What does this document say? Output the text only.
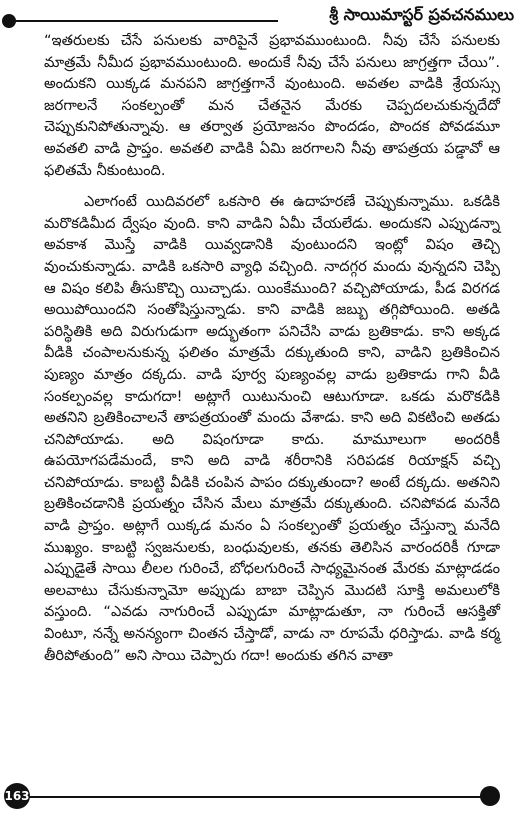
శ్రీ సాయిమాస్టర్ ప్రవచనములు

“ఇతరులకు చేసే పనులకు వారిపైనే ప్రభావముంటుంది. నీవు చేసే పనులకు మాత్రమే నీమీద ప్రభావముంటుంది. అందుకే నీవు చేసే పనులు జాగ్రత్తగా చేయి”. అందుకని యిక్కడ మనపని జాగ్రత్తగానే వుంటుంది. అవతల వాడికి శ్రేయస్సు జరగాలనే సంకల్పంతో మన చేతనైన మేరకు చెప్పదలచుకున్నదేదో చెప్పుకునిపోతున్నావు. ఆ తర్వాత ప్రయోజనం పొందడం, పొందక పోవడమూ అవతలి వాడి ప్రాప్తం. అవతలి వాడికి ఏమి జరగాలని నీవు తాపత్రయ పడ్డావో ఆ ఫలితమే నీకుంటుంది.

ఎలాగంటే యిదివరలో ఒకసారి ఈ ఉదాహరణే చెప్పుకున్నాము. ఒకడికి మరొకడిమీద ద్వేషం వుంది. కాని వాడిని ఏమీ చేయలేడు. అందుకని ఎప్పుడన్నా అవకాశ మొస్తే వాడికి యివ్వడానికి వుంటుందని ఇంట్లో విషం తెచ్చి వుంచుకున్నాడు. వాడికి ఒకసారి వ్యాధి వచ్చింది. నాదగ్గర మందు వున్నదని చెప్పి ఆ విషం కలిపి తీసుకొచ్చి యిచ్చాడు. యింకేముంది? వచ్చిపోయాడు, పీడ విరగడ అయిపోయిందని సంతోషిస్తున్నాడు. కాని వాడికి జబ్బు తగ్గిపోయింది. అతడి పరిస్థితికి అది విరుగుడుగా అద్భుతంగా పనిచేసి వాడు బ్రతికాడు. కాని అక్కడ వీడికి చంపాలనుకున్న ఫలితం మాత్రమే దక్కుతుంది కాని, వాడిని బ్రతికించిన పుణ్యం మాత్రం దక్కదు. వాడి పూర్వ పుణ్యంవల్ల వాడు బ్రతికాడు గాని వీడి సంకల్పంవల్ల కాదుగదా! అట్లాగే యిటునుంచి ఆటుగూడా. ఒకడు మరొకడికి అతనిని బ్రతికించాలనే తాపత్రయంతో మందు వేశాడు. కాని అది వికటించి అతడు చనిపోయాడు. అది విషంగూడా కాదు. మామూలుగా అందరికీ ఉపయోగపడేమందే, కాని అది వాడి శరీరానికి సరిపడక రియాక్షన్ వచ్చి చనిపోయాడు. కాబట్టి వీడికి చంపిన పాపం దక్కుతుందా? అంటే దక్కదు. అతనిని బ్రతికించడానికి ప్రయత్నం చేసిన మేలు మాత్రమే దక్కుతుంది. చనిపోవడ మనేది వాడి ప్రాప్తం. అట్లాగే యిక్కడ మనం ఏ సంకల్పంతో ప్రయత్నం చేస్తున్నా మనేది ముఖ్యం. కాబట్టి స్వజనులకు, బంధువులకు, తనకు తెలిసిన వారందరికీ గూడా ఎప్పుడైతే సాయి లీలల గురించే, బోధలగురించే సాధ్యమైనంత మేరకు మాట్లాడడం అలవాటు చేసుకున్నామో అప్పుడు బాబా చెప్పిన మొదటి సూక్తి అమలులోకి వస్తుంది. “ఎవడు నాగురించే ఎప్పుడూ మాట్లాడుతూ, నా గురించే ఆసక్తితో వింటూ, నన్నే అనన్యంగా చింతన చేస్తాడో, వాడు నా రూపమే ధరిస్తాడు. వాడి కర్మ తీరిపోతుంది” అని సాయి చెప్పారు గదా! అందుకు తగిన వాతా

163
